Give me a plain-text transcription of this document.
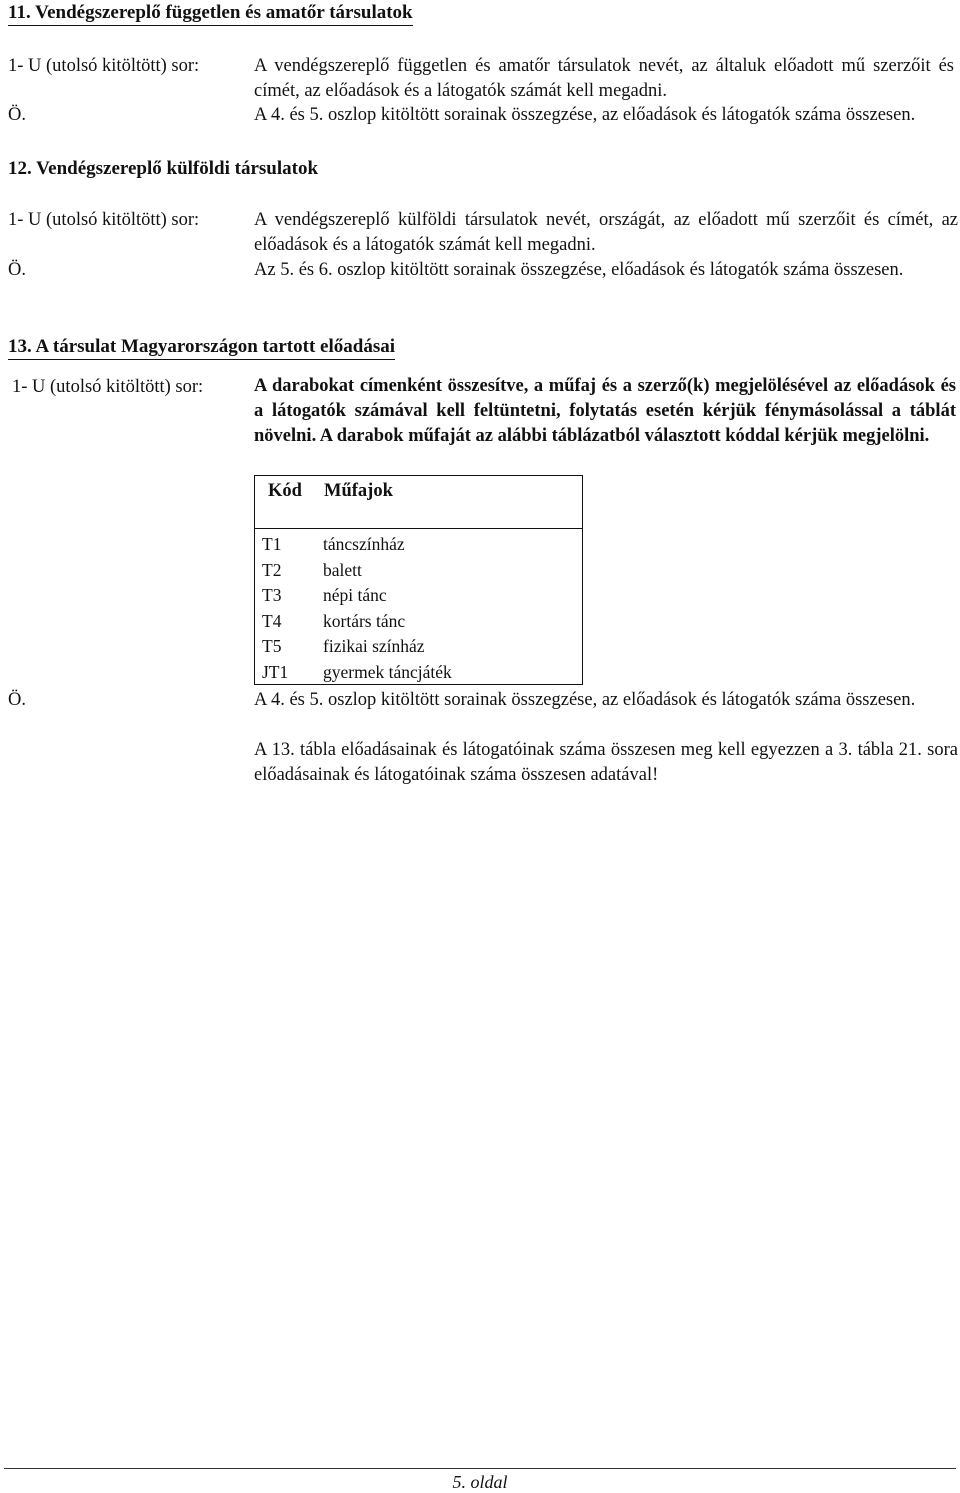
11. Vendégszereplő független és amatőr társulatok
1- U (utolsó kitöltött) sor:	A vendégszereplő független és amatőr társulatok nevét, az általuk előadott mű szerzőit és címét, az előadások és a látogatók számát kell megadni.
Ö.	A 4. és 5. oszlop kitöltött sorainak összegzése, az előadások és látogatók száma összesen.
12. Vendégszereplő külföldi társulatok
1- U (utolsó kitöltött) sor:	A vendégszereplő külföldi társulatok nevét, országát, az előadott mű szerzőit és címét, az előadások és a látogatók számát kell megadni.
Ö.	Az 5. és 6. oszlop kitöltött sorainak összegzése, előadások és látogatók száma összesen.
13. A társulat Magyarországon tartott előadásai
1- U (utolsó kitöltött) sor:	A darabokat címenként összesítve, a műfaj és a szerző(k) megjelölésével az előadások és a látogatók számával kell feltüntetni, folytatás esetén kérjük fénymásolással a táblát növelni. A darabok műfaját az alábbi táblázatból választott kóddal kérjük megjelölni.
Kód Műfajok
T1 táncszínház
T2 balett
T3 népi tánc
T4 kortárs tánc
T5 fizikai színház
JT1 gyermek táncjáték
Ö.	A 4. és 5. oszlop kitöltött sorainak összegzése, az előadások és látogatók száma összesen.
A 13. tábla előadásainak és látogatóinak száma összesen meg kell egyezzen a 3. tábla 21. sora előadásainak és látogatóinak száma összesen adatával!
5. oldal
